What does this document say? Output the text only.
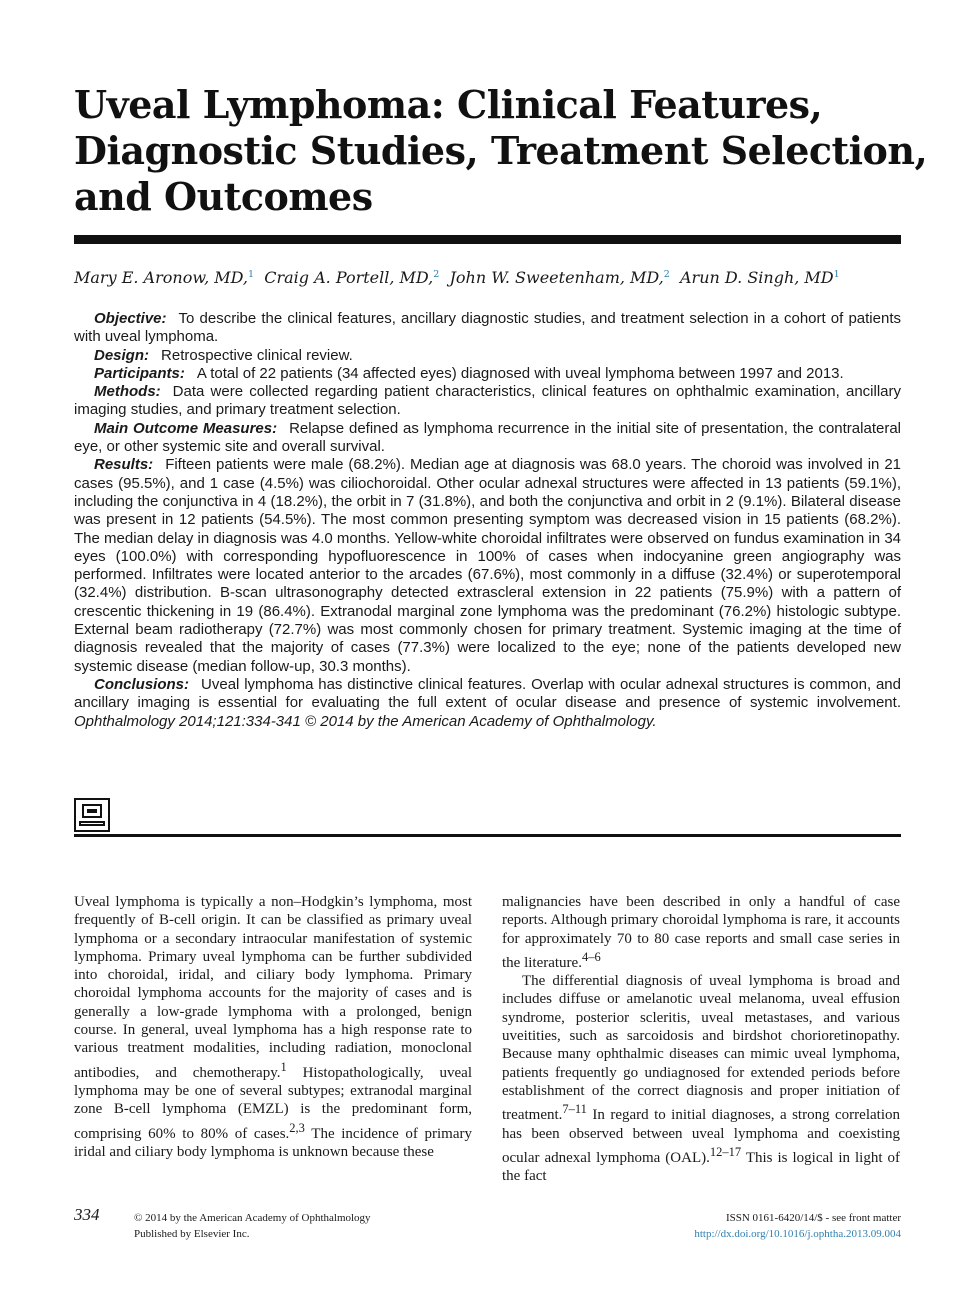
Uveal Lymphoma: Clinical Features,
Diagnostic Studies, Treatment Selection,
and Outcomes
Mary E. Aronow, MD,$^1$ Craig A. Portell, MD,$^2$ John W. Sweetenham, MD,$^2$ Arun D. Singh, $MD^1$

Objective: To describe the clinical features, ancillary diagnostic studies, and treatment selection in a cohort of patients with uveal lymphoma.

Design: Retrospective clinical review.

Participants: A total of 22 patients (34 affected eyes) diagnosed with uveal lymphoma between 1997 and 2013.

Methods: Data were collected regarding patient characteristics, clinical features on ophthalmic examination, ancillary imaging studies, and primary treatment selection.

Main Outcome Measures: Relapse defined as lymphoma recurrence in the initial site of presentation, the contralateral eye, or other systemic site and overall survival.

Results: Fifteen patients were male (68.2%). Median age at diagnosis was 68.0 years. The choroid was involved in 21 cases (95.5%), and 1 case (4.5%) was ciliochoroidal. Other ocular adnexal structures were affected in 13 patients (59.1%), including the conjunctiva in 4 (18.2%), the orbit in 7 (31.8%), and both the conjunctiva and orbit in 2 (9.1%). Bilateral disease was present in 12 patients (54.5%). The most common presenting symptom was decreased vision in 15 patients (68.2%). The median delay in diagnosis was 4.0 months. Yellow-white choroidal infiltrates were observed on fundus examination in 34 eyes (100.0%) with corresponding hypofluorescence in 100% of cases when indocyanine green angiography was performed. Infiltrates were located anterior to the arcades (67.6%), most commonly in a diffuse (32.4%) or superotemporal (32.4%) distribution. B-scan ultrasonography detected extrascleral extension in 22 patients (75.9%) with a pattern of crescentic thickening in 19 (86.4%). Extranodal marginal zone lymphoma was the predominant (76.2%) histologic subtype. External beam radiotherapy (72.7%) was most commonly chosen for primary treatment. Systemic imaging at the time of diagnosis revealed that the majority of cases (77.3%) were localized to the eye; none of the patients developed new systemic disease (median follow-up, 30.3 months).

Conclusions: Uveal lymphoma has distinctive clinical features. Overlap with ocular adnexal structures is common, and ancillary imaging is essential for evaluating the full extent of ocular disease and presence of systemic involvement. Ophthalmology 2014;121:334-341 © 2014 by the American Academy of Ophthalmology.

Uveal lymphoma is typically a non–Hodgkin’s lymphoma, most frequently of B-cell origin. It can be classified as primary uveal lymphoma or a secondary intraocular manifestation of systemic lymphoma. Primary uveal lymphoma can be further subdivided into choroidal, iridal, and ciliary body lymphoma. Primary choroidal lymphoma accounts for the majority of cases and is generally a low-grade lymphoma with a prolonged, benign course. In general, uveal lymphoma has a high response rate to various treatment modalities, including radiation, monoclonal antibodies, and chemotherapy.$^1$ Histopathologically, uveal lymphoma may be one of several subtypes; extranodal marginal zone B-cell lymphoma (EMZL) is the predominant form, comprising 60% to 80% of cases.$^{2,3}$ The incidence of primary iridal and ciliary body lymphoma is unknown because these

malignancies have been described in only a handful of case reports. Although primary choroidal lymphoma is rare, it accounts for approximately 70 to 80 case reports and small case series in the literature.$^{4-6}$

The differential diagnosis of uveal lymphoma is broad and includes diffuse or amelanotic uveal melanoma, uveal effusion syndrome, posterior scleritis, uveal metastases, and various uveitities, such as sarcoidosis and birdshot chorioretinopathy. Because many ophthalmic diseases can mimic uveal lymphoma, patients frequently go undiagnosed for extended periods before establishment of the correct diagnosis and proper initiation of treatment.$^{7-11}$ In regard to initial diagnoses, a strong correlation has been observed between uveal lymphoma and coexisting ocular adnexal lymphoma (OAL).$^{12-17}$ This is logical in light of the fact

334	© 2014 by the American Academy of Ophthalmology
Published by Elsevier Inc.
ISSN 0161-6420/14/$ - see front matter
http://dx.doi.org/10.1016/j.ophtha.2013.09.004
